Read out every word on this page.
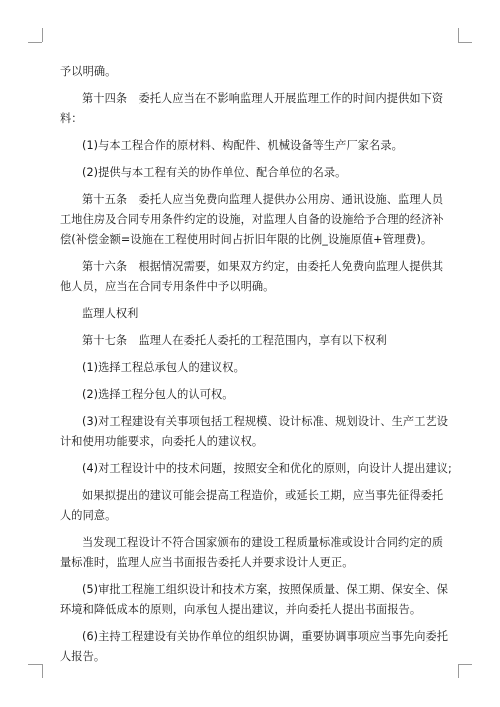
予以明确。

第十四条　委托人应当在不影响监理人开展监理工作的时间内提供如下资料：

(1)与本工程合作的原材料、构配件、机械设备等生产厂家名录。

(2)提供与本工程有关的协作单位、配合单位的名录。

第十五条　委托人应当免费向监理人提供办公用房、通讯设施、监理人员工地住房及合同专用条件约定的设施，对监理人自备的设施给予合理的经济补偿(补偿金额=设施在工程使用时间占折旧年限的比例_设施原值+管理费)。

第十六条　根据情况需要，如果双方约定，由委托人免费向监理人提供其他人员，应当在合同专用条件中予以明确。

监理人权利

第十七条　监理人在委托人委托的工程范围内，享有以下权利

(1)选择工程总承包人的建议权。

(2)选择工程分包人的认可权。

(3)对工程建设有关事项包括工程规模、设计标准、规划设计、生产工艺设计和使用功能要求，向委托人的建议权。

(4)对工程设计中的技术问题，按照安全和优化的原则，向设计人提出建议;

如果拟提出的建议可能会提高工程造价，或延长工期，应当事先征得委托人的同意。

当发现工程设计不符合国家颁布的建设工程质量标准或设计合同约定的质量标准时，监理人应当书面报告委托人并要求设计人更正。

(5)审批工程施工组织设计和技术方案，按照保质量、保工期、保安全、保环境和降低成本的原则，向承包人提出建议，并向委托人提出书面报告。

(6)主持工程建设有关协作单位的组织协调，重要协调事项应当事先向委托人报告。
